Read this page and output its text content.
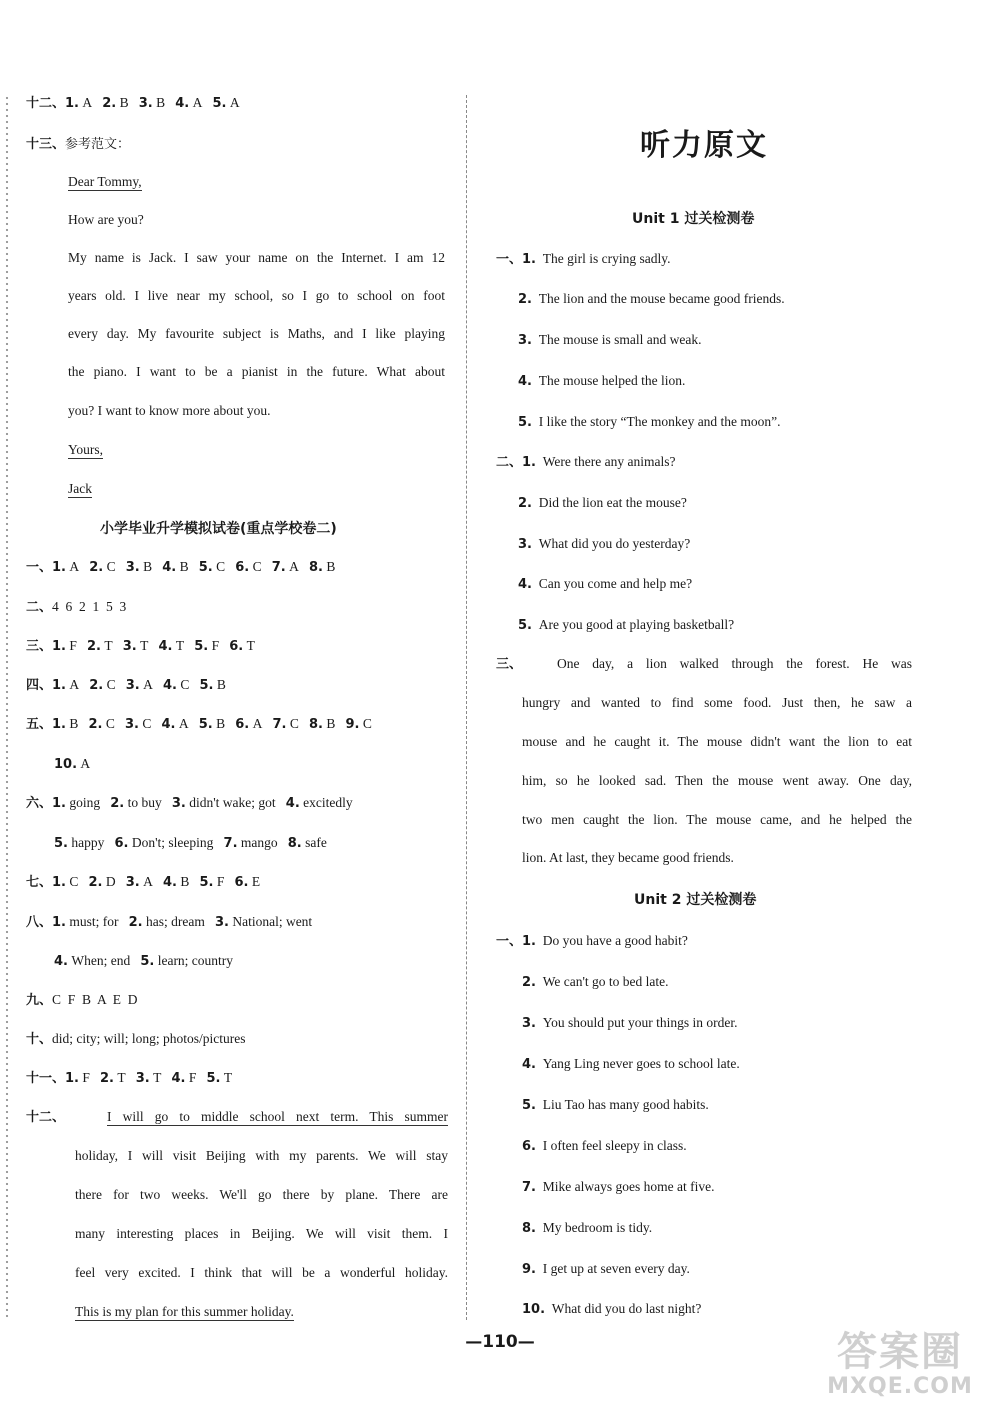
十二、1. A 2. B 3. B 4. A 5. A
十三、参考范文：
Dear Tommy,
How are you?
My name is Jack. I saw your name on the Internet. I am 12
years old. I live near my school, so I go to school on foot
every day. My favourite subject is Maths, and I like playing
the piano. I want to be a pianist in the future. What about
you? I want to know more about you.
Yours,
Jack
小学毕业升学模拟试卷(重点学校卷二)
一、1. A 2. C 3. B 4. B 5. C 6. C 7. A 8. B
二、4  6  2  1  5  3
三、1. F 2. T 3. T 4. T 5. F 6. T
四、1. A 2. C 3. A 4. C 5. B
五、1. B 2. C 3. C 4. A 5. B 6. A 7. C 8. B 9. C
10. A
六、1. going 2. to buy 3. didn't wake; got 4. excitedly
5. happy 6. Don't; sleeping 7. mango 8. safe
七、1. C 2. D 3. A 4. B 5. F 6. E
八、1. must; for 2. has; dream 3. National; went
4. When; end 5. learn; country
九、C  F  B  A  E  D
十、did; city; will; long; photos/pictures
十一、1. F 2. T 3. T 4. F 5. T
十二、	I will go to middle school next term. This summer
holiday, I will visit Beijing with my parents. We will stay
there for two weeks. We'll go there by plane. There are
many interesting places in Beijing. We will visit them. I
feel very excited. I think that will be a wonderful holiday.
This is my plan for this summer holiday.
听力原文
Unit 1 过关检测卷
一、1. The girl is crying sadly.
2. The lion and the mouse became good friends.
3. The mouse is small and weak.
4. The mouse helped the lion.
5. I like the story “The monkey and the moon”.
二、1. Were there any animals?
2. Did the lion eat the mouse?
3. What did you do yesterday?
4. Can you come and help me?
5. Are you good at playing basketball?
三、	One day, a lion walked through the forest. He was
hungry and wanted to find some food. Just then, he saw a
mouse and he caught it. The mouse didn't want the lion to eat
him, so he looked sad. Then the mouse went away. One day,
two men caught the lion. The mouse came, and he helped the
lion. At last, they became good friends.
Unit 2 过关检测卷
一、1. Do you have a good habit?
2. We can't go to bed late.
3. You should put your things in order.
4. Yang Ling never goes to school late.
5. Liu Tao has many good habits.
6. I often feel sleepy in class.
7. Mike always goes home at five.
8. My bedroom is tidy.
9. I get up at seven every day.
10. What did you do last night?
—110—	答案圈
MXQE.COM
